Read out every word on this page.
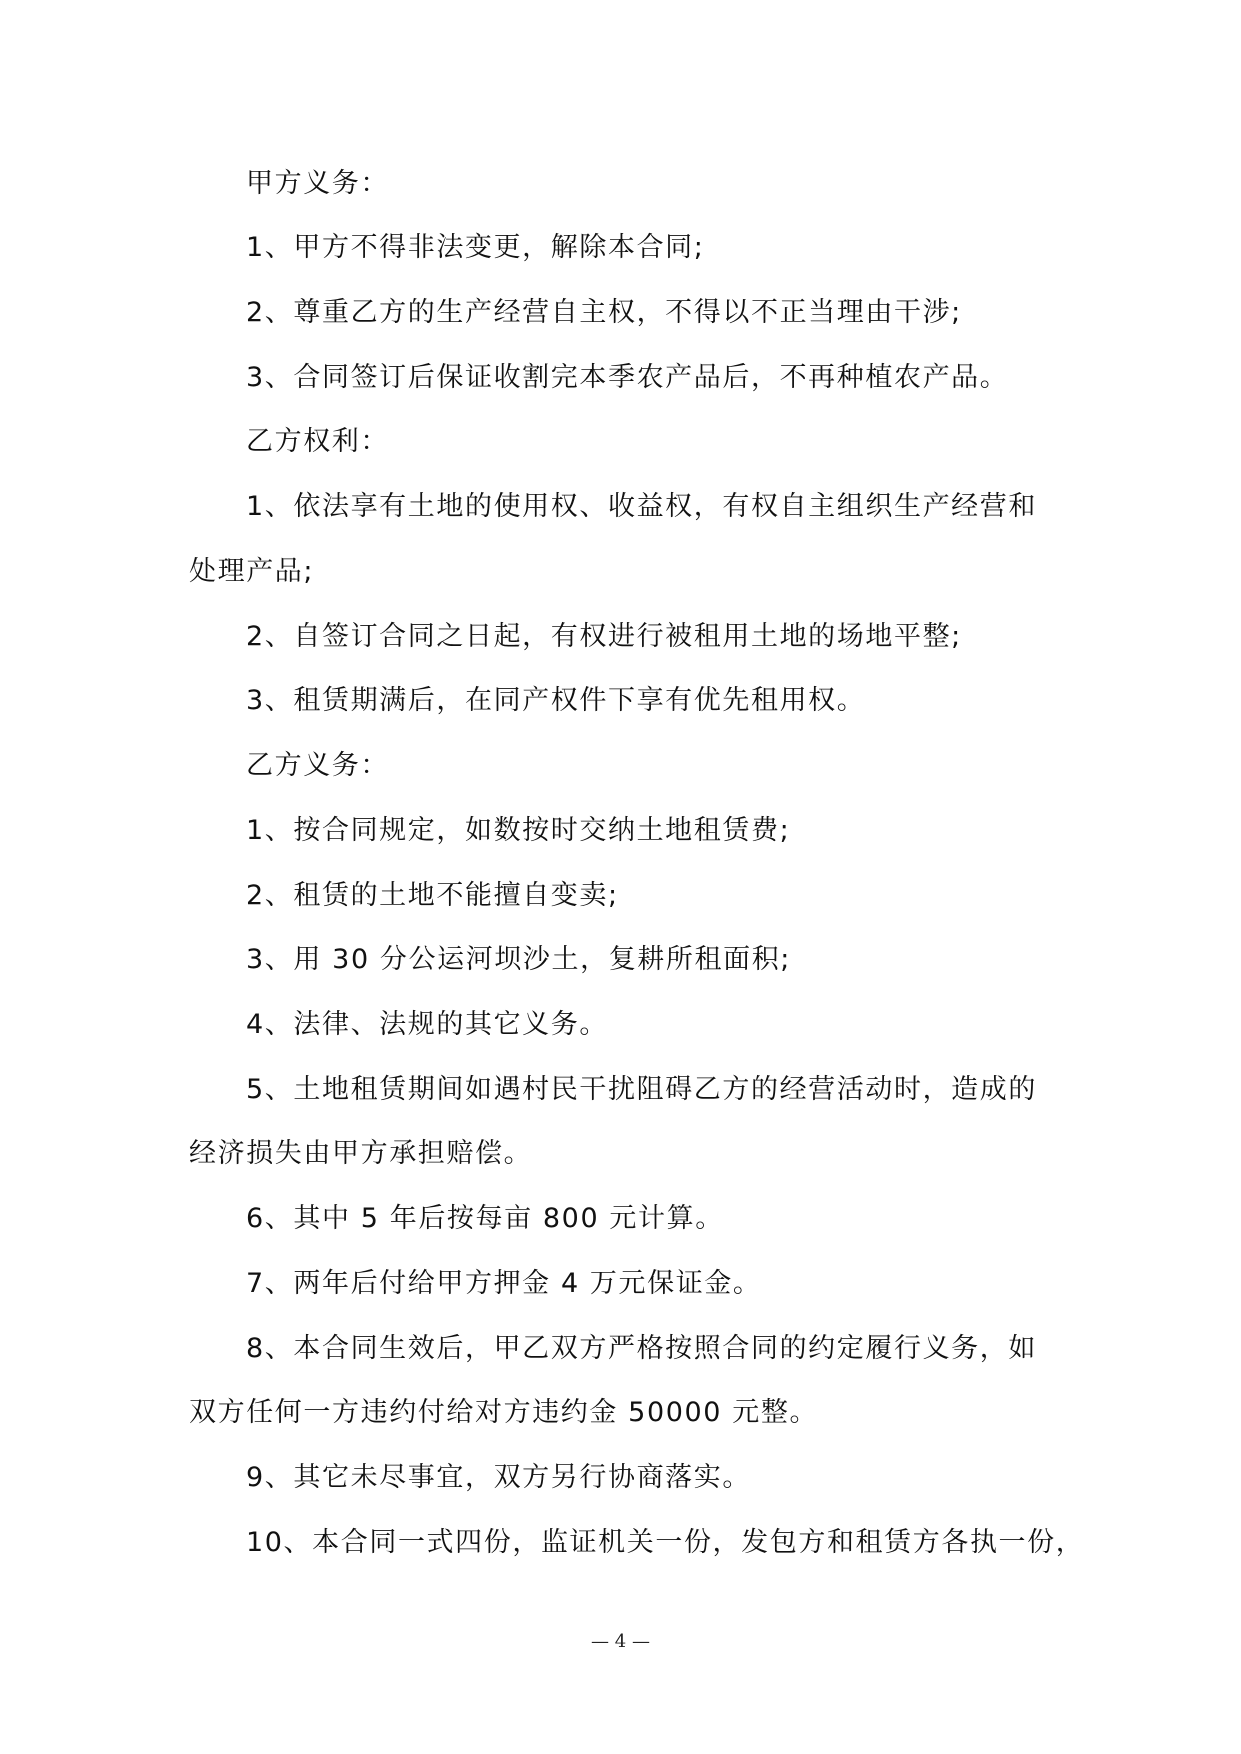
甲方义务：
1、甲方不得非法变更，解除本合同;
2、尊重乙方的生产经营自主权，不得以不正当理由干涉;
3、合同签订后保证收割完本季农产品后，不再种植农产品。
乙方权利：
1、依法享有土地的使用权、收益权，有权自主组织生产经营和
处理产品;
2、自签订合同之日起，有权进行被租用土地的场地平整;
3、租赁期满后，在同产权件下享有优先租用权。
乙方义务：
1、按合同规定，如数按时交纳土地租赁费;
2、租赁的土地不能擅自变卖;
3、用 30 分公运河坝沙土，复耕所租面积;
4、法律、法规的其它义务。
5、土地租赁期间如遇村民干扰阻碍乙方的经营活动时，造成的
经济损失由甲方承担赔偿。
6、其中 5 年后按每亩 800 元计算。
7、两年后付给甲方押金 4 万元保证金。
8、本合同生效后，甲乙双方严格按照合同的约定履行义务，如
双方任何一方违约付给对方违约金 50000 元整。
9、其它未尽事宜，双方另行协商落实。
10、本合同一式四份，监证机关一份，发包方和租赁方各执一份，
— 4 —
